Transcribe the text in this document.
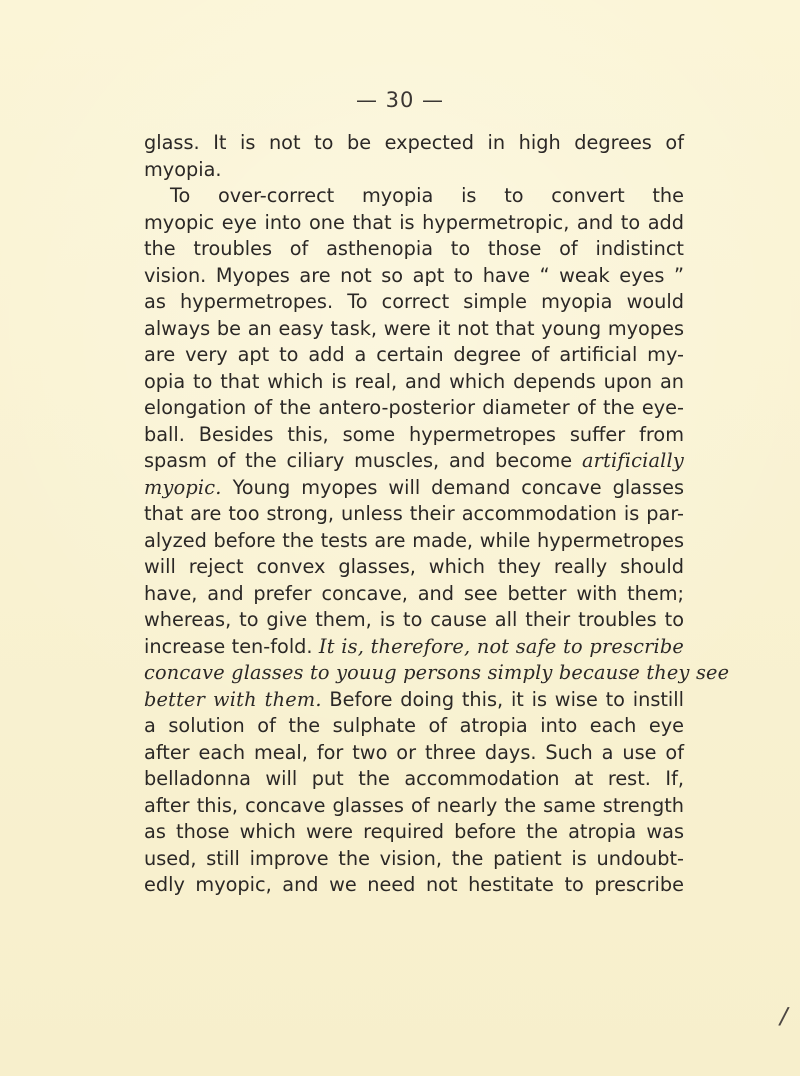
— 30 —
glass. It is not to be expected in high degrees of
myopia.
To over-correct myopia is to convert the
myopic eye into one that is hypermetropic, and to add
the troubles of asthenopia to those of indistinct
vision. Myopes are not so apt to have “ weak eyes ”
as hypermetropes. To correct simple myopia would
always be an easy task, were it not that young myopes
are very apt to add a certain degree of artificial my-
opia to that which is real, and which depends upon an
elongation of the antero-posterior diameter of the eye-
ball. Besides this, some hypermetropes suffer from
spasm of the ciliary muscles, and become artificially
myopic. Young myopes will demand concave glasses
that are too strong, unless their accommodation is par-
alyzed before the tests are made, while hypermetropes
will reject convex glasses, which they really should
have, and prefer concave, and see better with them;
whereas, to give them, is to cause all their troubles to
increase ten-fold. It is, therefore, not safe to prescribe
concave glasses to youug persons simply because they see
better with them. Before doing this, it is wise to instill
a solution of the sulphate of atropia into each eye
after each meal, for two or three days. Such a use of
belladonna will put the accommodation at rest. If,
after this, concave glasses of nearly the same strength
as those which were required before the atropia was
used, still improve the vision, the patient is undoubt-
edly myopic, and we need not hestitate to prescribe
/
